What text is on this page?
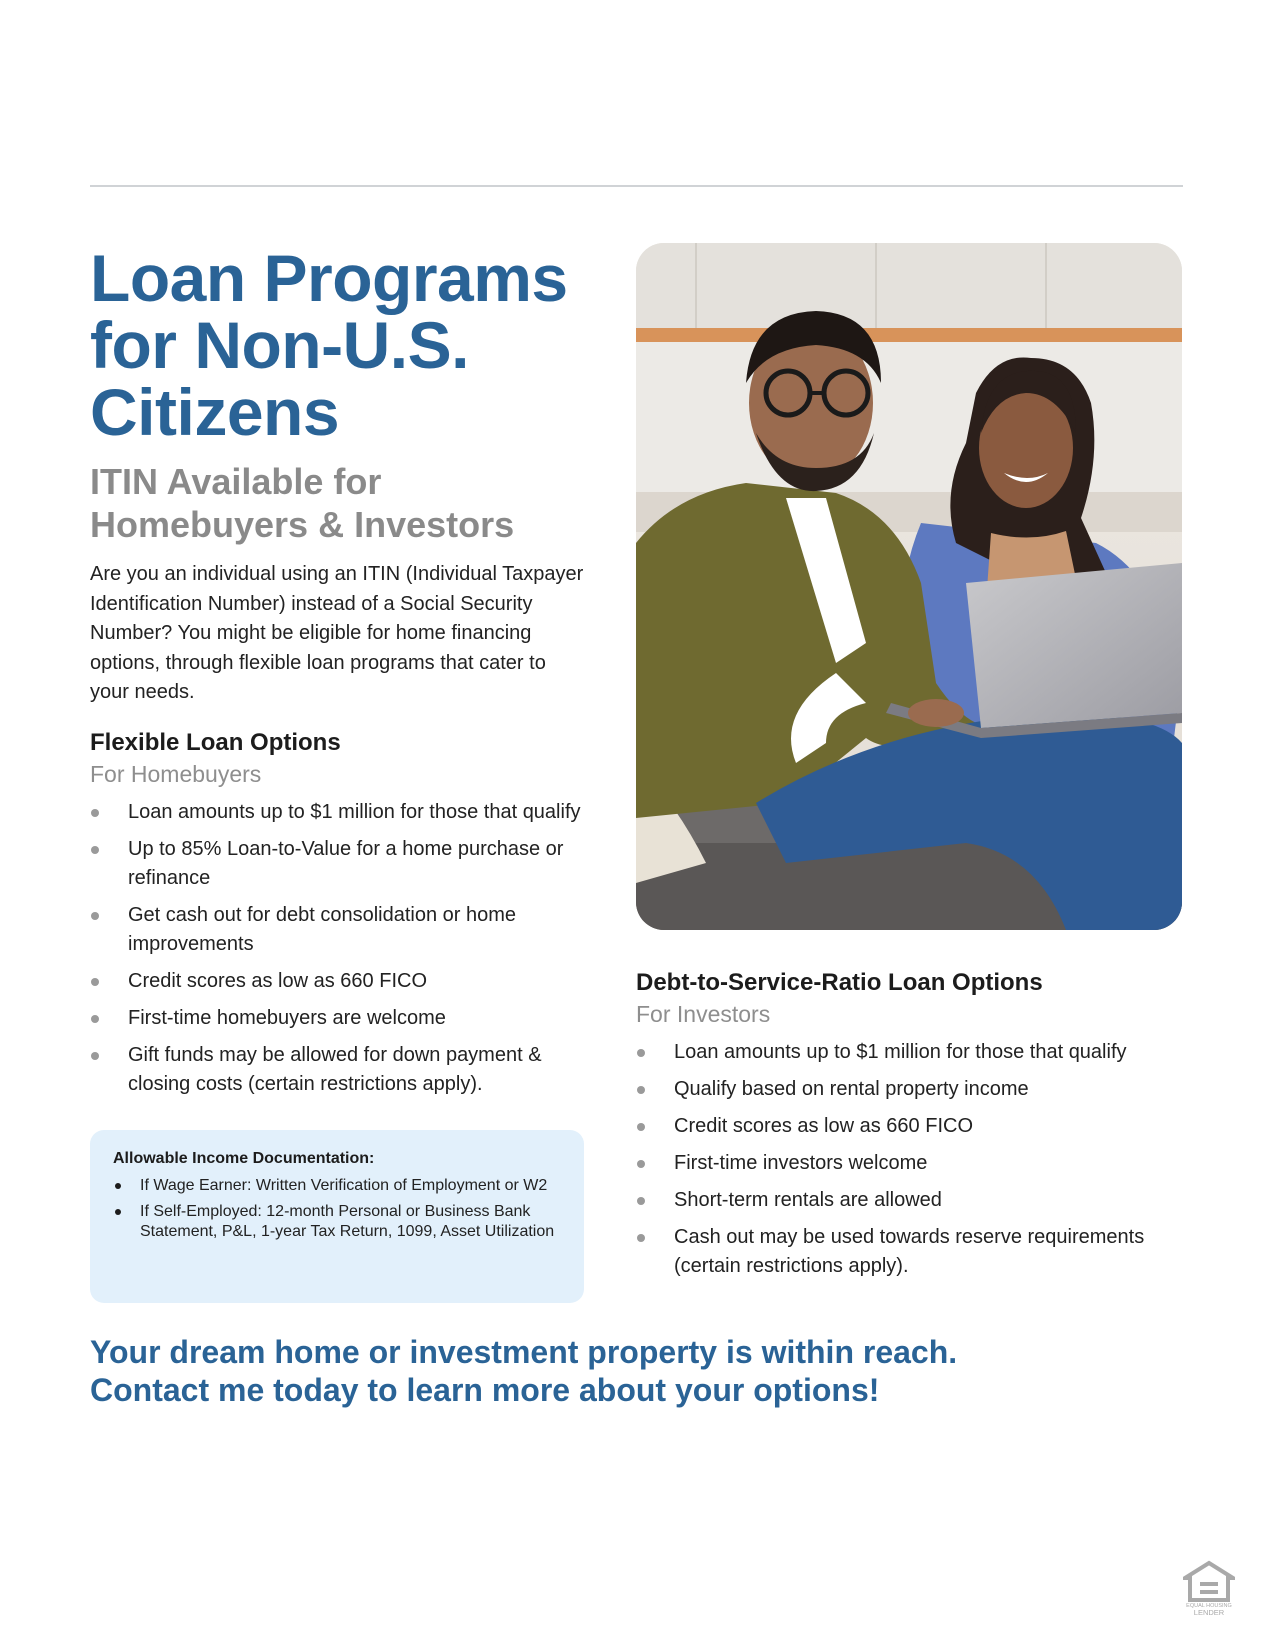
Loan Programs for Non-U.S. Citizens
ITIN Available for Homebuyers & Investors

Are you an individual using an ITIN (Individual Taxpayer Identification Number) instead of a Social Security Number? You might be eligible for home financing options, through flexible loan programs that cater to your needs.

Flexible Loan Options
For Homebuyers
Loan amounts up to $1 million for those that qualify
Up to 85% Loan-to-Value for a home purchase or refinance
Get cash out for debt consolidation or home improvements
Credit scores as low as 660 FICO
First-time homebuyers are welcome
Gift funds may be allowed for down payment & closing costs (certain restrictions apply).
Allowable Income Documentation:
If Wage Earner: Written Verification of Employment or W2
If Self-Employed: 12-month Personal or Business Bank Statement, P&L, 1-year Tax Return, 1099, Asset Utilization
Debt-to-Service-Ratio Loan Options
For Investors
Loan amounts up to $1 million for those that qualify
Qualify based on rental property income
Credit scores as low as 660 FICO
First-time investors welcome
Short-term rentals are allowed
Cash out may be used towards reserve requirements (certain restrictions apply).
Your dream home or investment property is within reach.
Contact me today to learn more about your options!
EQUAL HOUSING
LENDER
